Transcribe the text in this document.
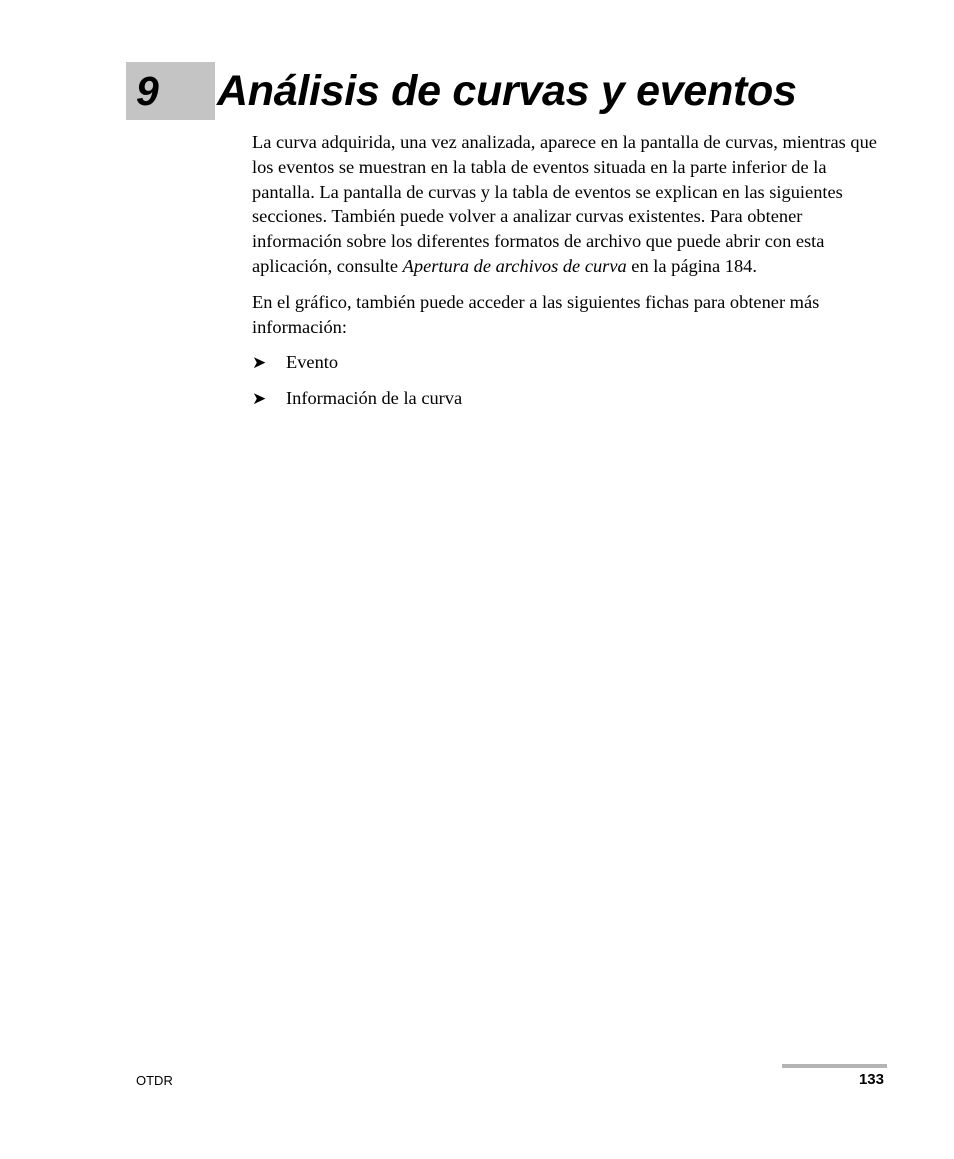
9 Análisis de curvas y eventos

La curva adquirida, una vez analizada, aparece en la pantalla de curvas, mientras que los eventos se muestran en la tabla de eventos situada en la parte inferior de la pantalla. La pantalla de curvas y la tabla de eventos se explican en las siguientes secciones. También puede volver a analizar curvas existentes. Para obtener información sobre los diferentes formatos de archivo que puede abrir con esta aplicación, consulte Apertura de archivos de curva en la página 184.

En el gráfico, también puede acceder a las siguientes fichas para obtener más información:

➤ Evento
➤ Información de la curva
OTDR	133
